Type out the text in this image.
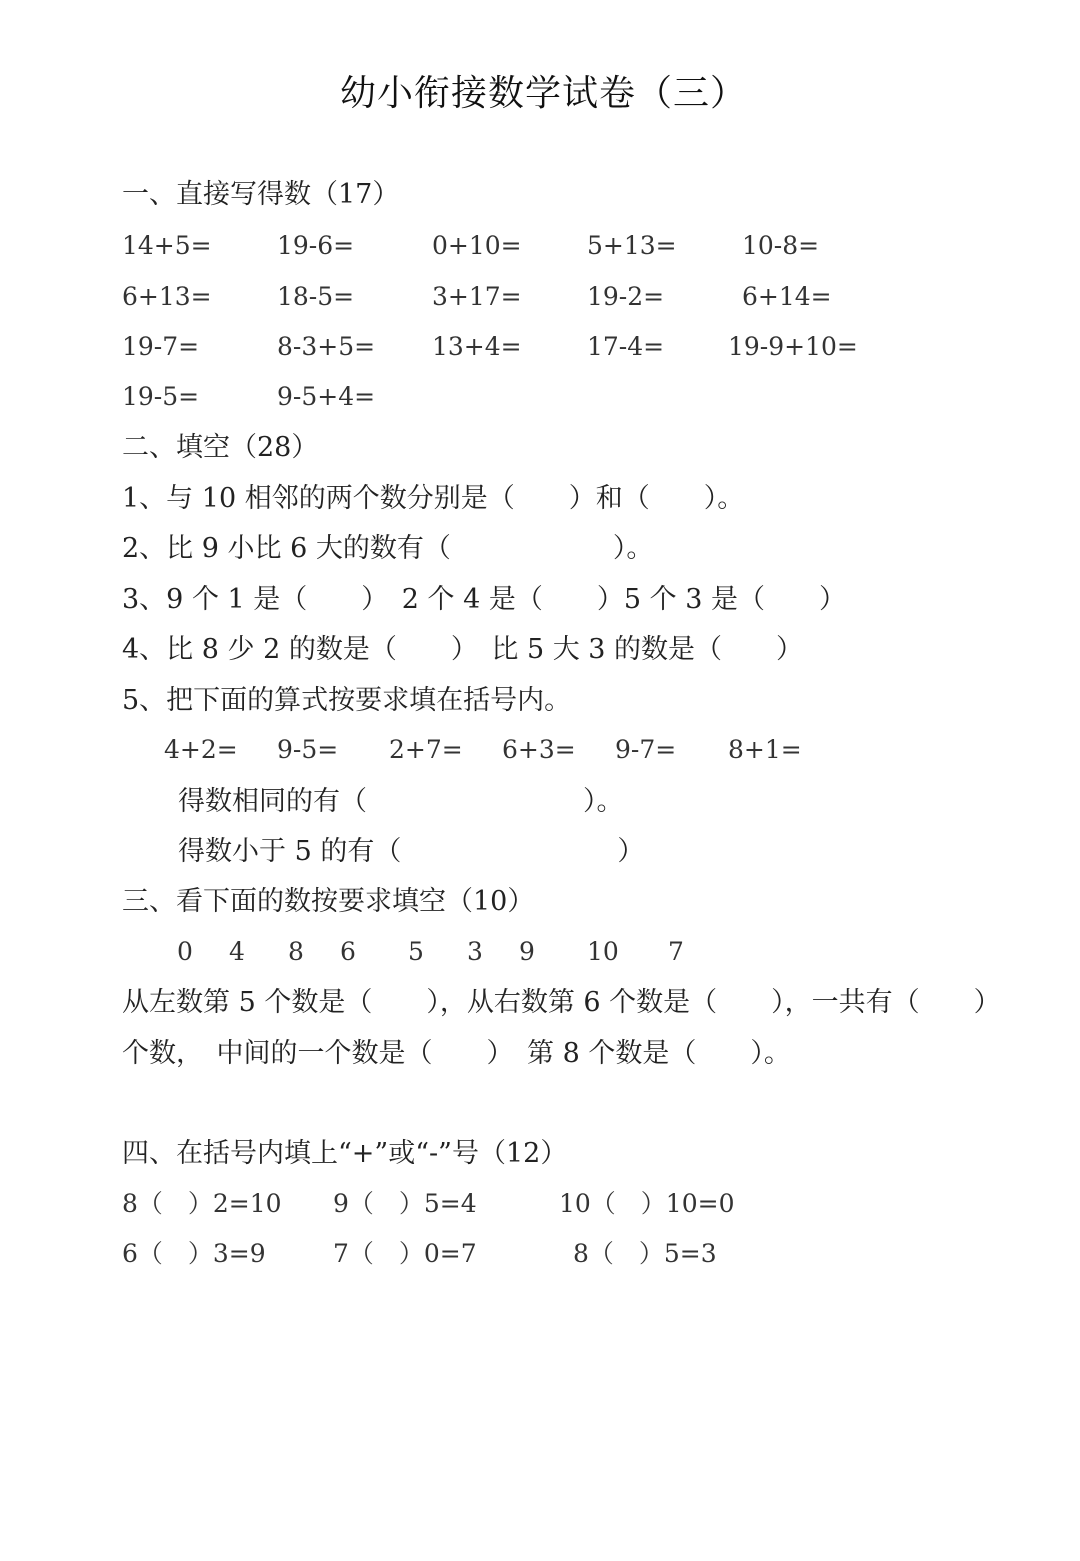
幼小衔接数学试卷（三）
一、直接写得数（17）
14+5=	19-6=	0+10=	5+13=	10-8=
6+13=	18-5=	3+17=	19-2=	6+14=
19-7=	8-3+5= 13+4=	17-4=	19-9+10=
19-5=	9-5+4=
二、填空（28）
1、与 10 相邻的两个数分别是（　　）和（　　）。
2、比 9 小比 6 大的数有（　　　　　　）。
3、9 个 1 是（　　）　2 个 4 是（　　）5 个 3 是（　　）
4、比 8 少 2 的数是（　　）　比 5 大 3 的数是（　　）
5、把下面的算式按要求填在括号内。
4+2= 9-5= 2+7= 6+3= 9-7= 8+1=
得数相同的有（　　　　　　　　）。
得数小于 5 的有（　　　　　　　　）
三、看下面的数按要求填空（10）
0 4 8 6 5 3 9 10 7
从左数第 5 个数是（　　），从右数第 6 个数是（　　），一共有（　　）
个数，　中间的一个数是（　　）　第 8 个数是（　　）。
四、在括号内填上“+”或“-”号（12）
8（　）2=10 9（　）5=4	10（　）10=0
6（　）3=9	7（　）0=7	8（　）5=3
